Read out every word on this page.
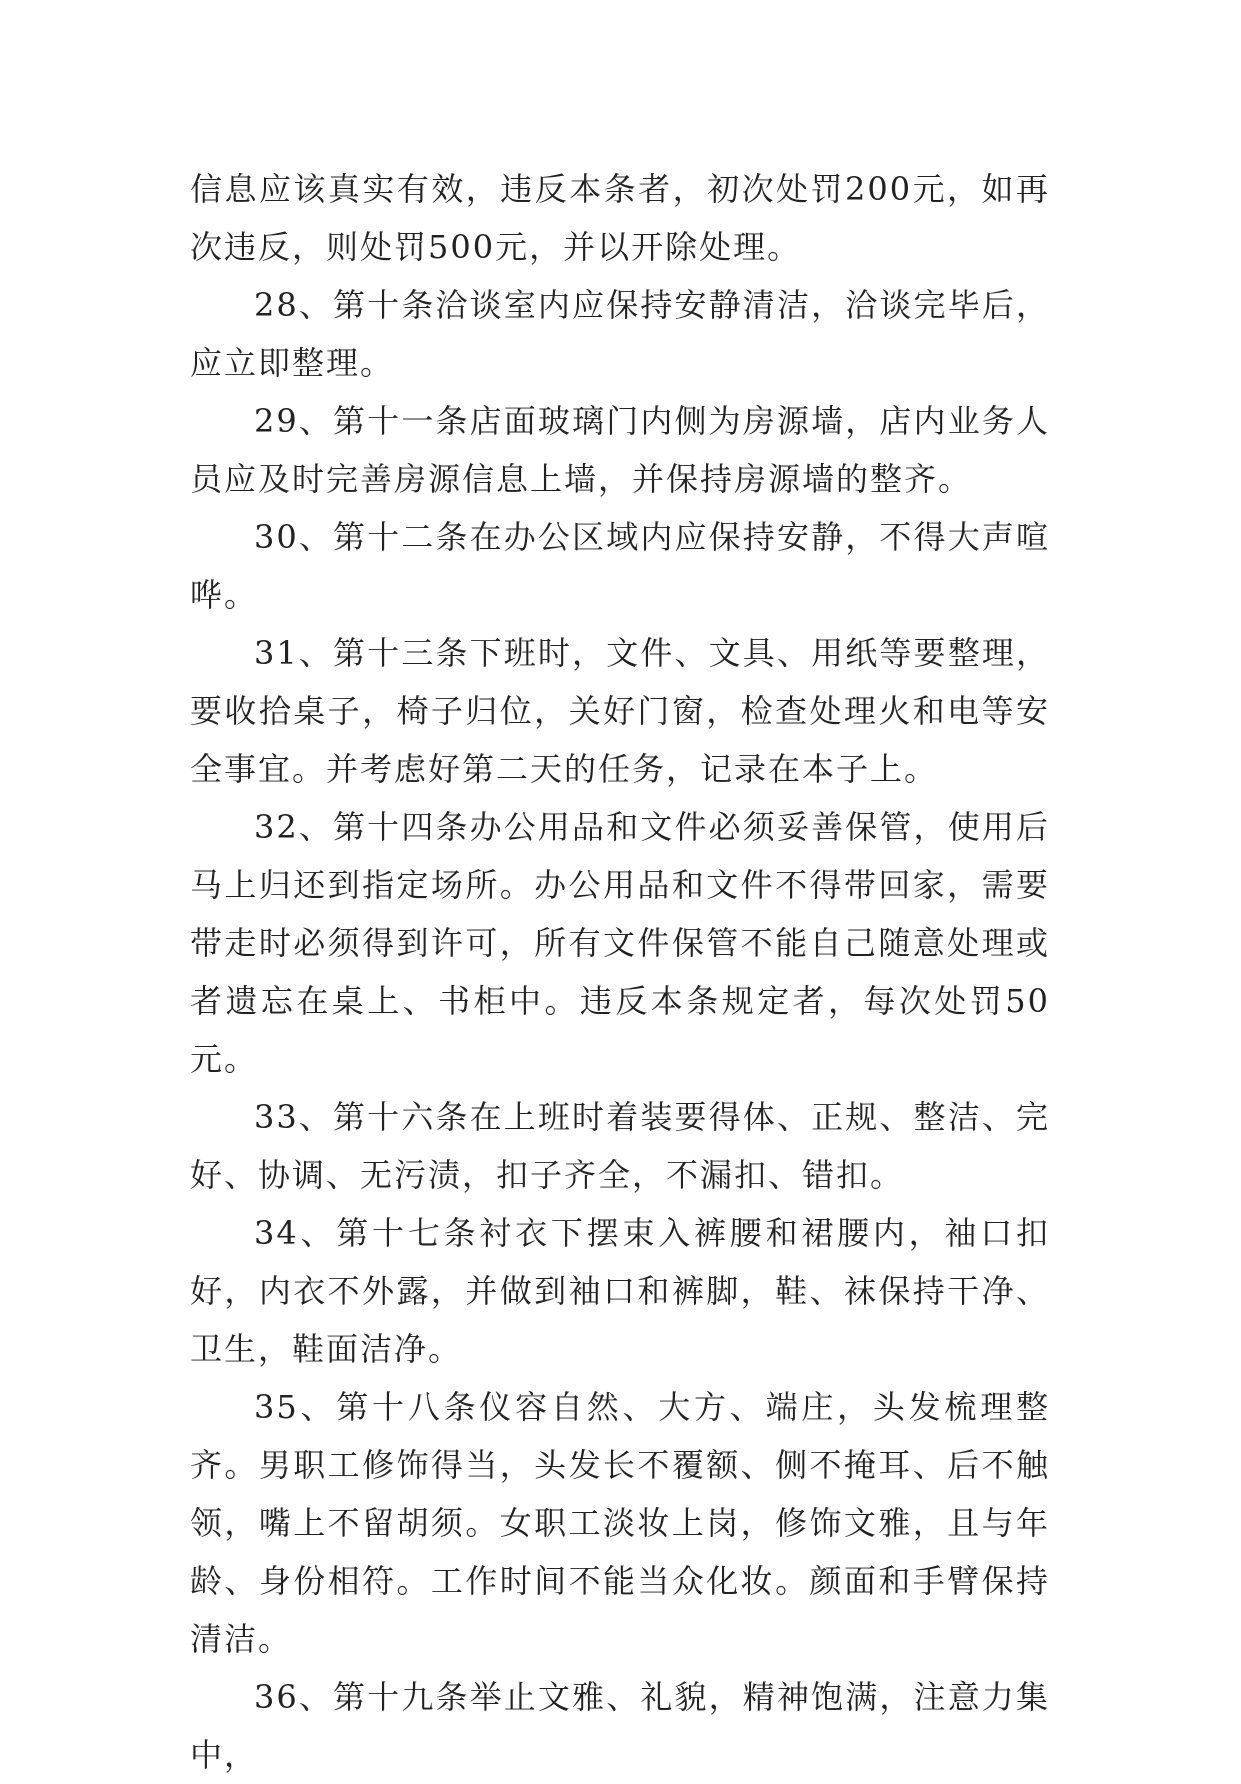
信息应该真实有效，违反本条者，初次处罚200元，如再次违反，则处罚500元，并以开除处理。

28、第十条洽谈室内应保持安静清洁，洽谈完毕后，应立即整理。

29、第十一条店面玻璃门内侧为房源墙，店内业务人员应及时完善房源信息上墙，并保持房源墙的整齐。

30、第十二条在办公区域内应保持安静，不得大声喧哗。

31、第十三条下班时，文件、文具、用纸等要整理，要收拾桌子，椅子归位，关好门窗，检查处理火和电等安全事宜。并考虑好第二天的任务，记录在本子上。

32、第十四条办公用品和文件必须妥善保管，使用后马上归还到指定场所。办公用品和文件不得带回家，需要带走时必须得到许可，所有文件保管不能自己随意处理或者遗忘在桌上、书柜中。违反本条规定者，每次处罚50元。

33、第十六条在上班时着装要得体、正规、整洁、完好、协调、无污渍，扣子齐全，不漏扣、错扣。

34、第十七条衬衣下摆束入裤腰和裙腰内，袖口扣好，内衣不外露，并做到袖口和裤脚，鞋、袜保持干净、卫生，鞋面洁净。

35、第十八条仪容自然、大方、端庄，头发梳理整齐。男职工修饰得当，头发长不覆额、侧不掩耳、后不触领，嘴上不留胡须。女职工淡妆上岗，修饰文雅，且与年龄、身份相符。工作时间不能当众化妆。颜面和手臂保持清洁。

36、第十九条举止文雅、礼貌，精神饱满，注意力集中，
